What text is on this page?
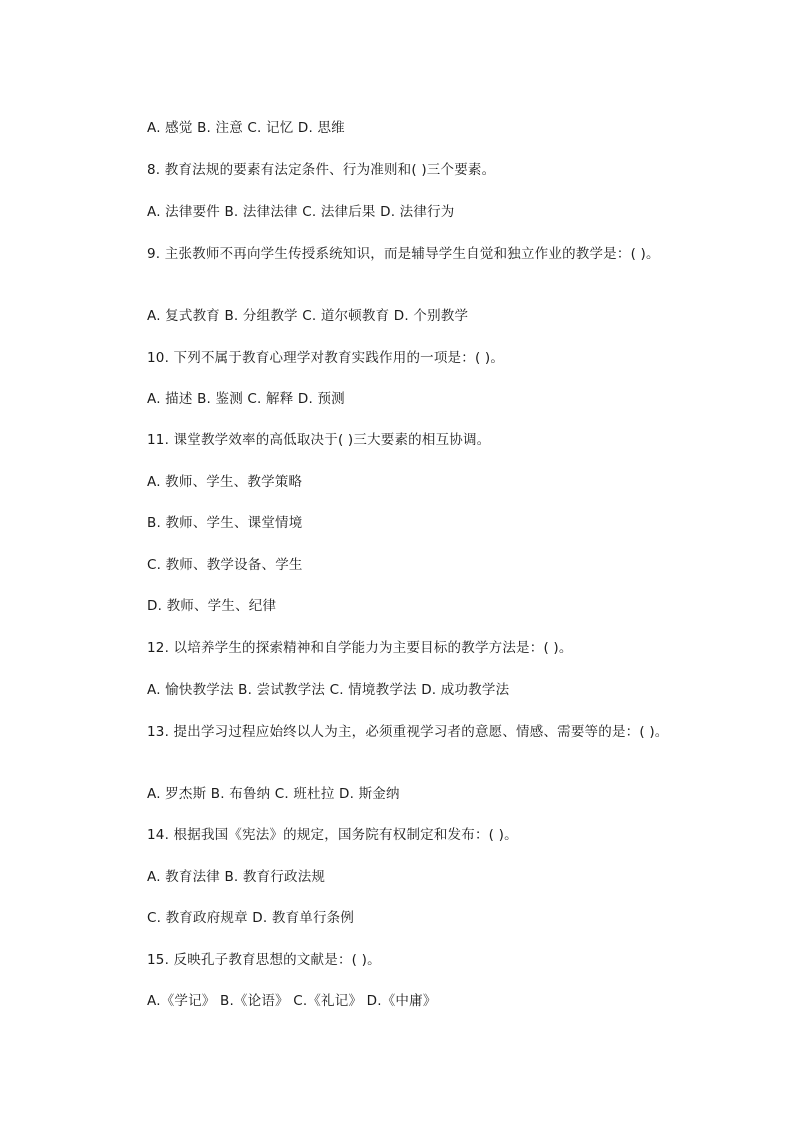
A. 感觉 B. 注意 C. 记忆 D. 思维
8. 教育法规的要素有法定条件、行为准则和( )三个要素。
A. 法律要件 B. 法律法律 C. 法律后果 D. 法律行为
9. 主张教师不再向学生传授系统知识，而是辅导学生自觉和独立作业的教学是：( )。
A. 复式教育 B. 分组教学 C. 道尔顿教育 D. 个别教学
10. 下列不属于教育心理学对教育实践作用的一项是：( )。
A. 描述 B. 鉴测 C. 解释 D. 预测
11. 课堂教学效率的高低取决于( )三大要素的相互协调。
A. 教师、学生、教学策略
B. 教师、学生、课堂情境
C. 教师、教学设备、学生
D. 教师、学生、纪律
12. 以培养学生的探索精神和自学能力为主要目标的教学方法是：( )。
A. 愉快教学法 B. 尝试教学法 C. 情境教学法 D. 成功教学法
13. 提出学习过程应始终以人为主，必须重视学习者的意愿、情感、需要等的是：( )。
A. 罗杰斯 B. 布鲁纳 C. 班杜拉 D. 斯金纳
14. 根据我国《宪法》的规定，国务院有权制定和发布：( )。
A. 教育法律 B. 教育行政法规
C. 教育政府规章 D. 教育单行条例
15. 反映孔子教育思想的文献是：( )。
A.《学记》 B.《论语》 C.《礼记》 D.《中庸》
